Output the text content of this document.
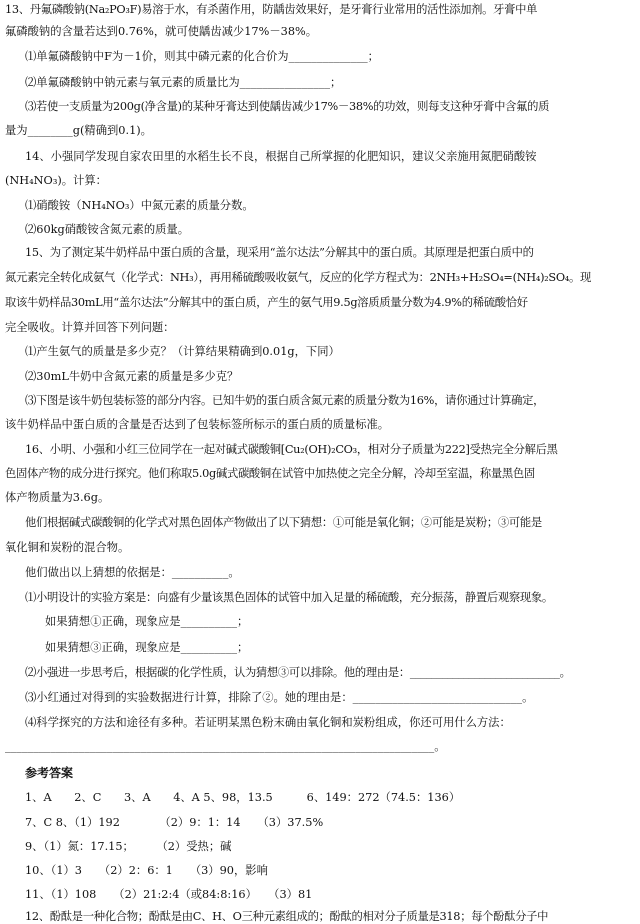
13、丹氟磷酸钠(Na₂PO₃F)易溶于水，有杀菌作用，防龋齿效果好，是牙膏行业常用的活性添加剂。牙膏中单
氟磷酸钠的含量若达到0.76%，就可使龋齿减少17%－38%。
⑴单氟磷酸钠中F为－1价，则其中磷元素的化合价为______________；
⑵单氟磷酸钠中钠元素与氧元素的质量比为________________；
⑶若使一支质量为200g(净含量)的某种牙膏达到使龋齿减少17%－38%的功效，则每支这种牙膏中含氟的质
量为________g(精确到0.1)。
14、小强同学发现自家农田里的水稻生长不良，根据自己所掌握的化肥知识，建议父亲施用氮肥硝酸铵
(NH₄NO₃)。计算：
⑴硝酸铵（NH₄NO₃）中氮元素的质量分数。
⑵60kg硝酸铵含氮元素的质量。
15、为了测定某牛奶样品中蛋白质的含量，现采用“盖尔达法”分解其中的蛋白质。其原理是把蛋白质中的
氮元素完全转化成氨气（化学式：NH₃），再用稀硫酸吸收氨气，反应的化学方程式为：2NH₃+H₂SO₄=(NH₄)₂SO₄。现
取该牛奶样品30mL用“盖尔达法”分解其中的蛋白质，产生的氨气用9.5g溶质质量分数为4.9%的稀硫酸恰好
完全吸收。计算并回答下列问题：
⑴产生氨气的质量是多少克？（计算结果精确到0.01g，下同）
⑵30mL牛奶中含氮元素的质量是多少克？
⑶下图是该牛奶包装标签的部分内容。已知牛奶的蛋白质含氮元素的质量分数为16%，请你通过计算确定，
该牛奶样品中蛋白质的含量是否达到了包装标签所标示的蛋白质的质量标准。
16、小明、小强和小红三位同学在一起对碱式碳酸铜[Cu₂(OH)₂CO₃，相对分子质量为222]受热完全分解后黑
色固体产物的成分进行探究。他们称取5.0g碱式碳酸铜在试管中加热使之完全分解，冷却至室温，称量黑色固
体产物质量为3.6g。
他们根据碱式碳酸铜的化学式对黑色固体产物做出了以下猜想：①可能是氧化铜；②可能是炭粉；③可能是
氧化铜和炭粉的混合物。
他们做出以上猜想的依据是：__________。
⑴小明设计的实验方案是：向盛有少量该黑色固体的试管中加入足量的稀硫酸，充分振荡，静置后观察现象。
如果猜想①正确，现象应是__________；
如果猜想③正确，现象应是__________；
⑵小强进一步思考后，根据碳的化学性质，认为猜想③可以排除。他的理由是：____________________________。
⑶小红通过对得到的实验数据进行计算，排除了②。她的理由是：______________________________。
⑷科学探究的方法和途径有多种。若证明某黑色粉末确由氧化铜和炭粉组成，你还可用什么方法：
____________________________________________________________________________。
参考答案
1、A　　2、C　　3、A　　4、A 5、98，13.5　　　6、149：272（74.5：136）
7、C 8、（1）192　　　　（2）9：1：14　　（3）37.5%
9、（1）氮：17.15；　　　（2）受热；碱
10、（1）3　　（2）2：6：1　　（3）90，影响
11、（1）108　　（2）21:2:4（或84:8:16）　　（3）81
12、酚酞是一种化合物；酚酞是由C、H、O三种元素组成的；酚酞的相对分子质量是318；每个酚酞分子中
